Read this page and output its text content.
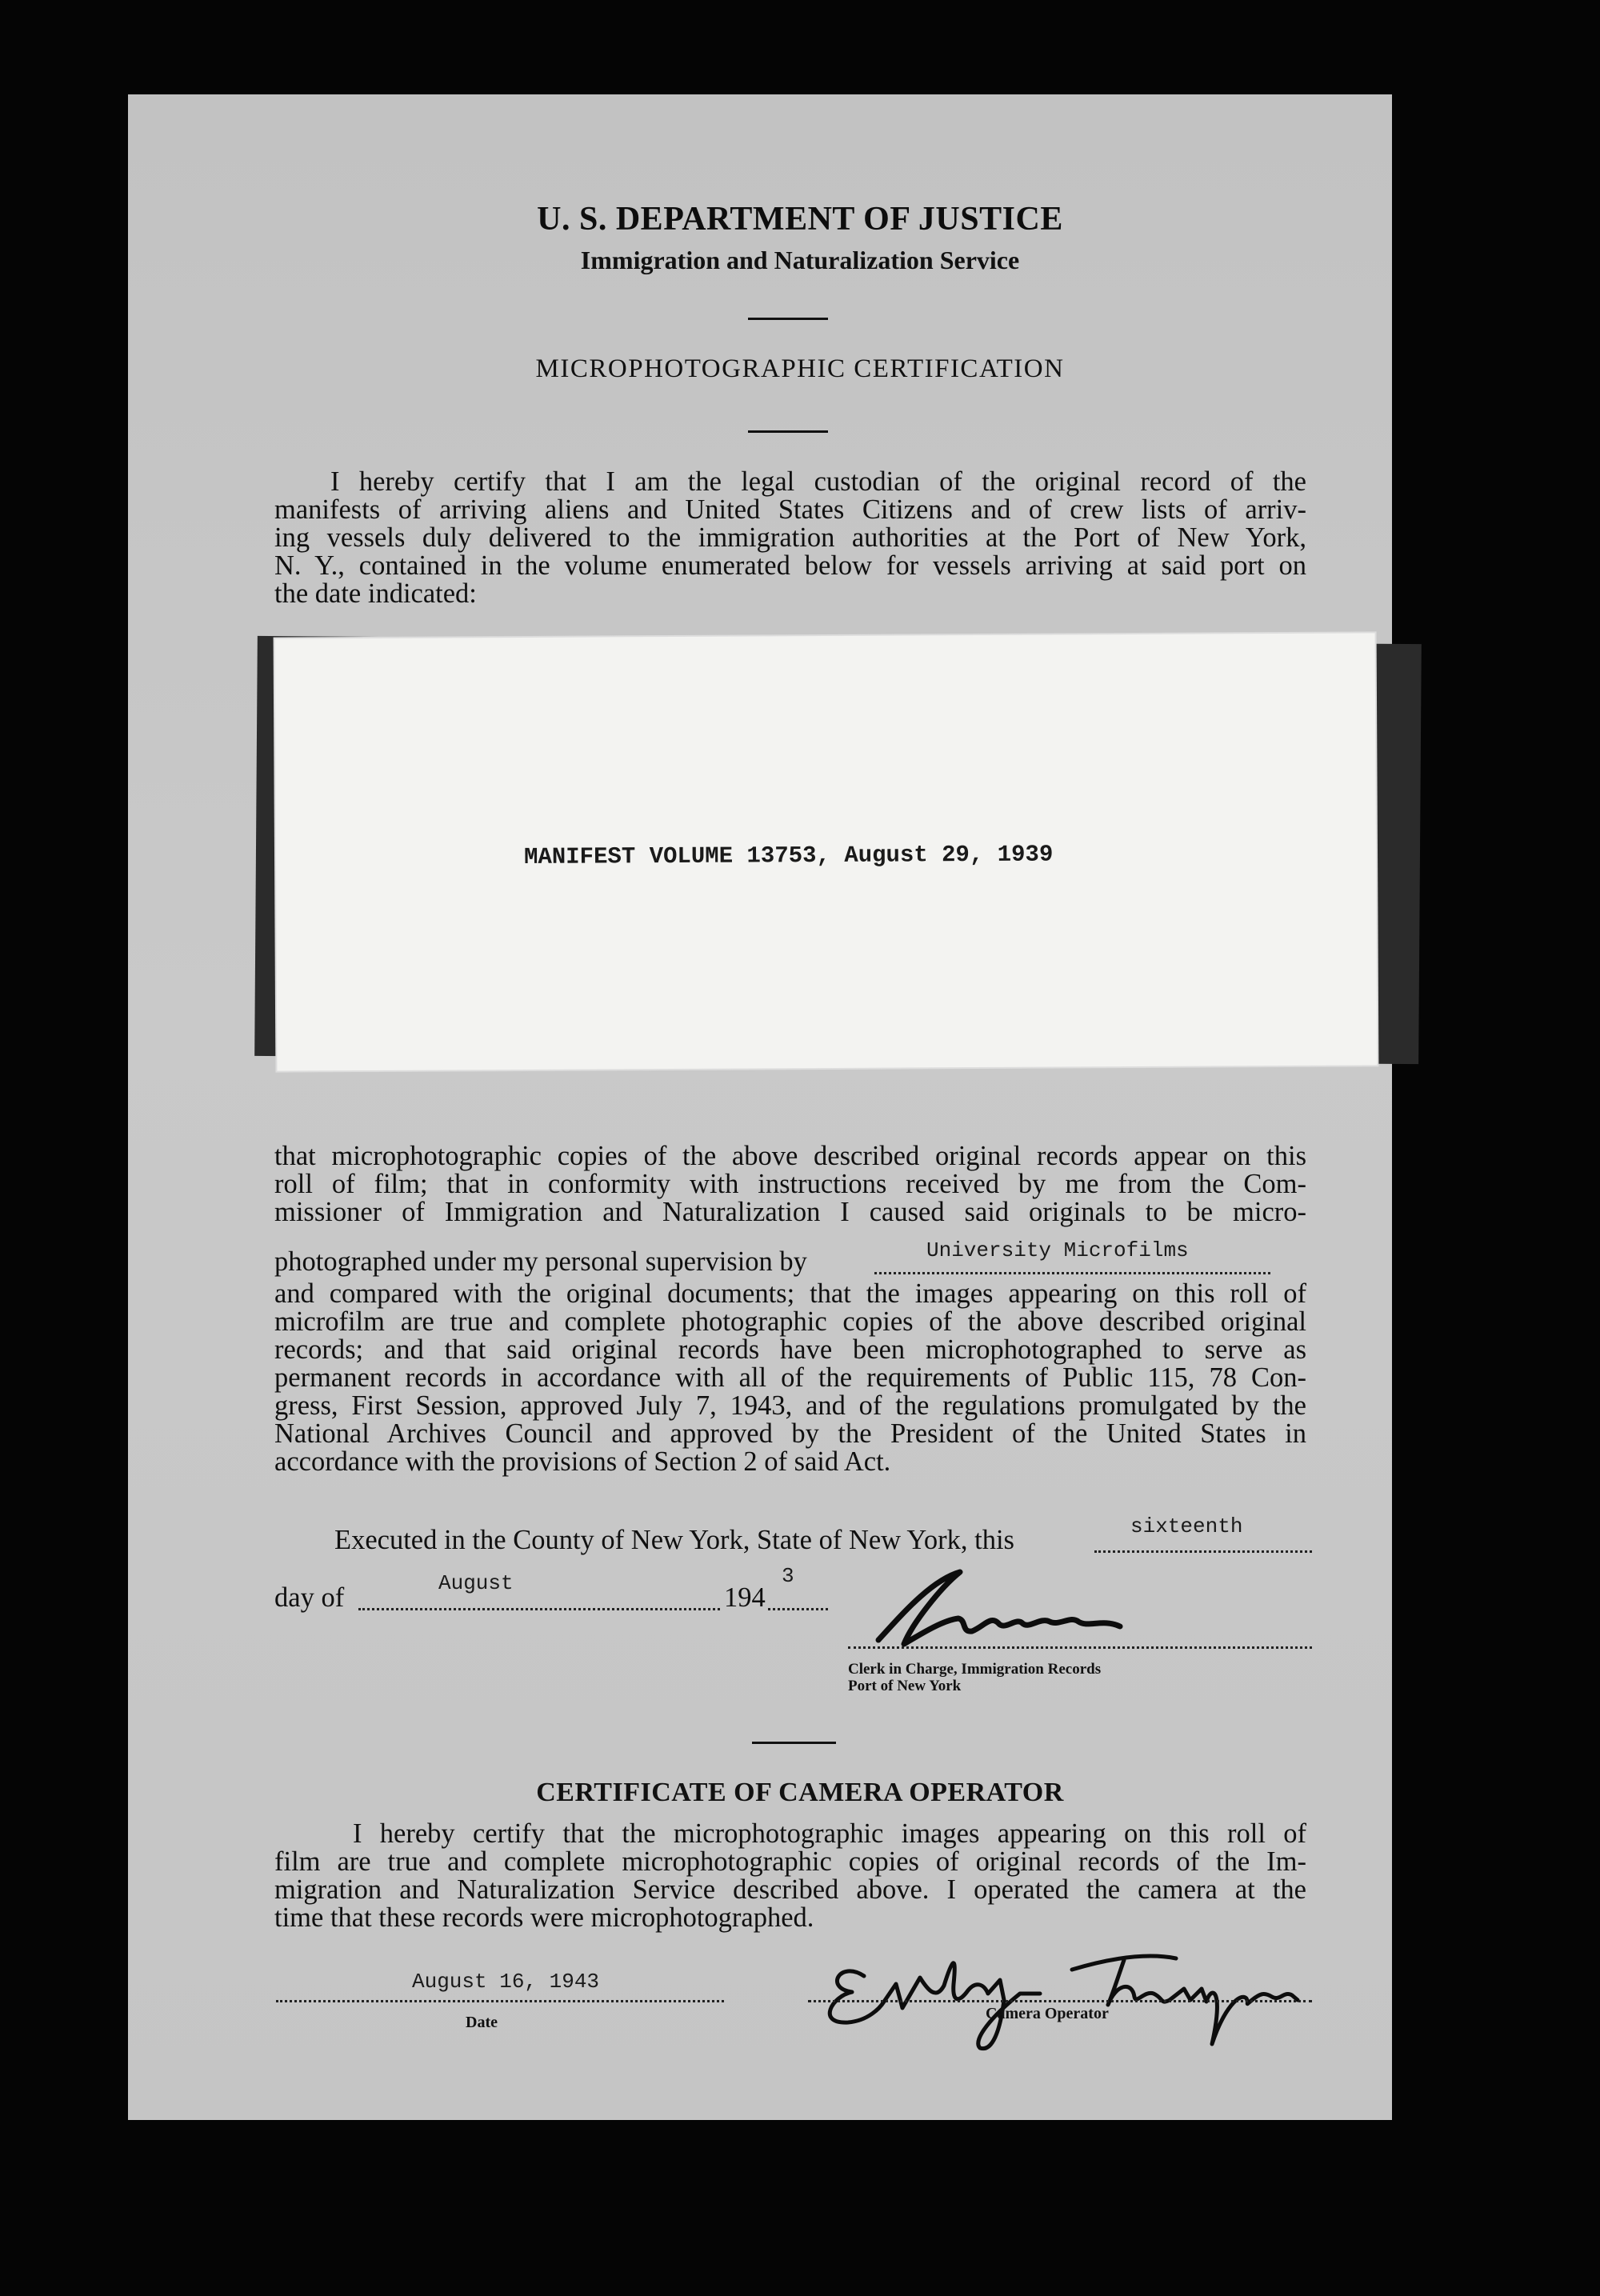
U. S. DEPARTMENT OF JUSTICE

Immigration and Naturalization Service

MICROPHOTOGRAPHIC CERTIFICATION

I hereby certify that I am the legal custodian of the original record of the

manifests of arriving aliens and United States Citizens and of crew lists of arriv-

ing vessels duly delivered to the immigration authorities at the Port of New York,

N. Y., contained in the volume enumerated below for vessels arriving at said port on

the date indicated:

MANIFEST VOLUME 13753, August 29, 1939

that microphotographic copies of the above described original records appear on this

roll of film; that in conformity with instructions received by me from the Com-

missioner of Immigration and Naturalization I caused said originals to be micro-

photographed under my personal supervision by	University Microfilms

and compared with the original documents; that the images appearing on this roll of

microfilm are true and complete photographic copies of the above described original

records; and that said original records have been microphotographed to serve as

permanent records in accordance with all of the requirements of Public 115, 78 Con-

gress, First Session, approved July 7, 1943, and of the regulations promulgated by the

National Archives Council and approved by the President of the United States in

accordance with the provisions of Section 2 of said Act.

Executed in the County of New York, State of New York, this	sixteenth

day of	August	194

3

Clerk in Charge, Immigration Records

Port of New York

CERTIFICATE OF CAMERA OPERATOR

I hereby certify that the microphotographic images appearing on this roll of

film are true and complete microphotographic copies of original records of the Im-

migration and Naturalization Service described above. I operated the camera at the

time that these records were microphotographed.

August 16, 1943

Date	Camera Operator
